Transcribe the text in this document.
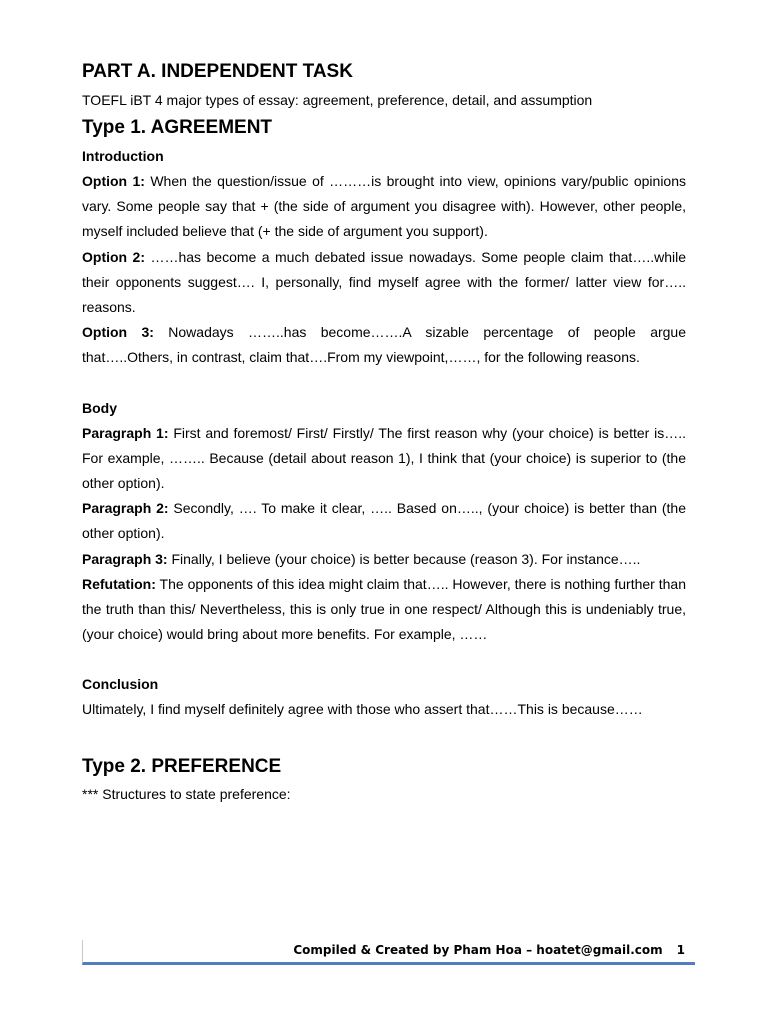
PART A. INDEPENDENT TASK
TOEFL iBT 4 major types of essay: agreement, preference, detail, and assumption
Type 1. AGREEMENT
Introduction

Option 1: When the question/issue of ………is brought into view, opinions vary/public opinions vary. Some people say that + (the side of argument you disagree with). However, other people, myself included believe that (+ the side of argument you support).

Option 2: ……has become a much debated issue nowadays. Some people claim that…..while their opponents suggest…. I, personally, find myself agree with the former/ latter view for….. reasons.

Option 3: Nowadays ……..has become…….A sizable percentage of people argue that…..Others, in contrast, claim that….From my viewpoint,……, for the following reasons.

Body

Paragraph 1: First and foremost/ First/ Firstly/ The first reason why (your choice) is better is….. For example, …….. Because (detail about reason 1), I think that (your choice) is superior to (the other option).

Paragraph 2: Secondly, …. To make it clear, ….. Based on….., (your choice) is better than (the other option).

Paragraph 3: Finally, I believe (your choice) is better because (reason 3). For instance…..

Refutation: The opponents of this idea might claim that….. However, there is nothing further than the truth than this/ Nevertheless, this is only true in one respect/ Although this is undeniably true, (your choice) would bring about more benefits. For example, ……

Conclusion

Ultimately, I find myself definitely agree with those who assert that……This is because……

Type 2. PREFERENCE
*** Structures to state preference:
Compiled & Created by Pham Hoa – hoatet@gmail.com 1
